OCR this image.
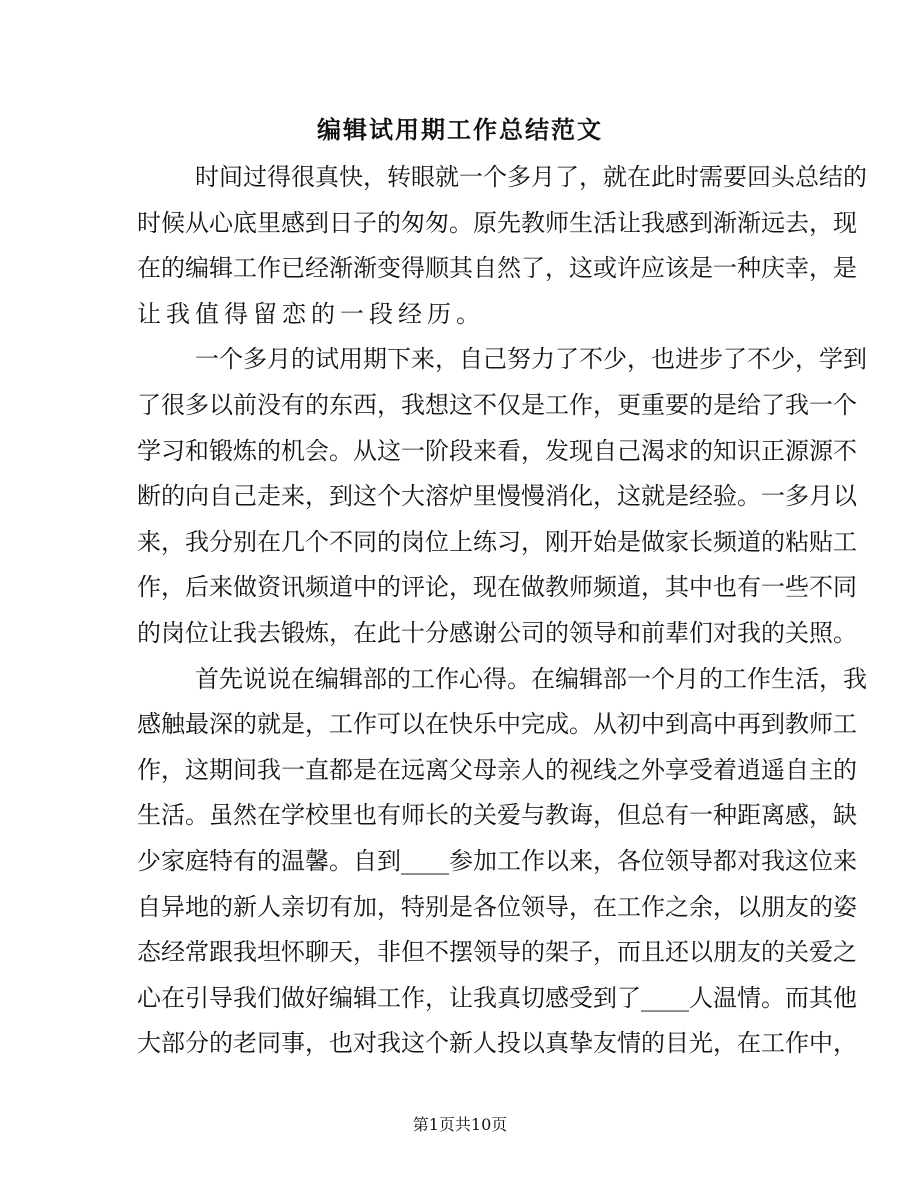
编辑试用期工作总结范文
时间过得很真快，转眼就一个多月了，就在此时需要回头总结的
时候从心底里感到日子的匆匆。原先教师生活让我感到渐渐远去，现
在的编辑工作已经渐渐变得顺其自然了，这或许应该是一种庆幸，是
让我值得留恋的一段经历。
一个多月的试用期下来，自己努力了不少，也进步了不少，学到
了很多以前没有的东西，我想这不仅是工作，更重要的是给了我一个
学习和锻炼的机会。从这一阶段来看，发现自己渴求的知识正源源不
断的向自己走来，到这个大溶炉里慢慢消化，这就是经验。一多月以
来，我分别在几个不同的岗位上练习，刚开始是做家长频道的粘贴工
作，后来做资讯频道中的评论，现在做教师频道，其中也有一些不同
的岗位让我去锻炼，在此十分感谢公司的领导和前辈们对我的关照。
首先说说在编辑部的工作心得。在编辑部一个月的工作生活，我
感触最深的就是，工作可以在快乐中完成。从初中到高中再到教师工
作，这期间我一直都是在远离父母亲人的视线之外享受着逍遥自主的
生活。虽然在学校里也有师长的关爱与教诲，但总有一种距离感，缺
少家庭特有的温馨。自到____参加工作以来，各位领导都对我这位来
自异地的新人亲切有加，特别是各位领导，在工作之余，以朋友的姿
态经常跟我坦怀聊天，非但不摆领导的架子，而且还以朋友的关爱之
心在引导我们做好编辑工作，让我真切感受到了____人温情。而其他
大部分的老同事，也对我这个新人投以真挚友情的目光，在工作中，
第1页共10页
